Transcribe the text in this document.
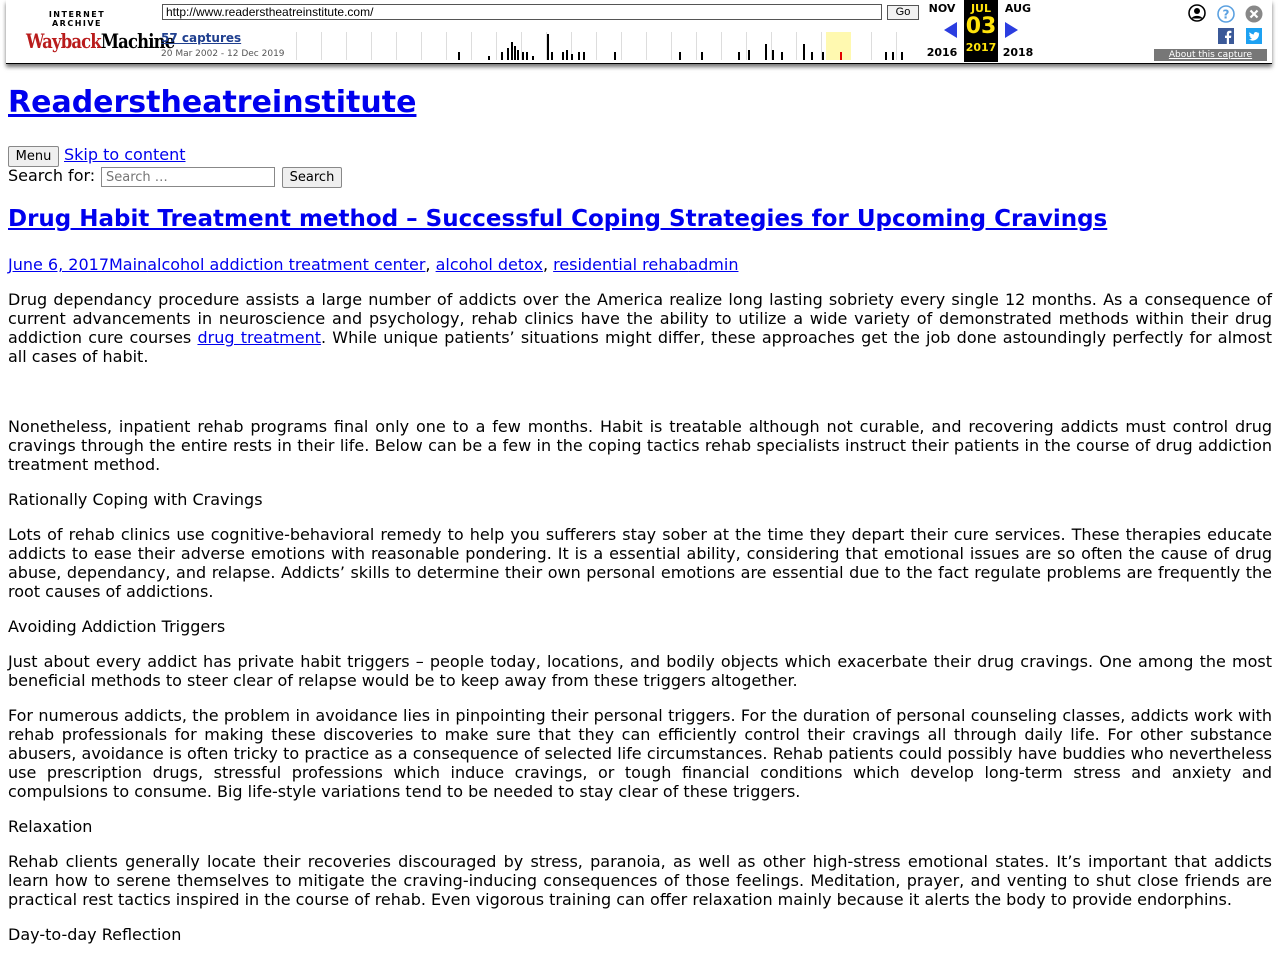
INTERNET ARCHIVE
WaybackMachine
http://www.readerstheatreinstitute.com/
Go
57 captures
20 Mar 2002 - 12 Dec 2019
NOV
2016
JUL
03
2017
AUG
2018
?
About this capture
Readerstheatreinstitute
Menu Skip to content
Search for:
Search …	Search
Drug Habit Treatment method – Successful Coping Strategies for Upcoming Cravings
June 6, 2017Mainalcohol addiction treatment center, alcohol detox, residential rehabadmin

Drug dependancy procedure assists a large number of addicts over the America realize long lasting sobriety every single 12 months. As a consequence of current advancements in neuroscience and psychology, rehab clinics have the ability to utilize a wide variety of demonstrated methods within their drug addiction cure courses drug treatment. While unique patients’ situations might differ, these approaches get the job done astoundingly perfectly for almost all cases of habit.

Nonetheless, inpatient rehab programs final only one to a few months. Habit is treatable although not curable, and recovering addicts must control drug cravings through the entire rests in their life. Below can be a few in the coping tactics rehab specialists instruct their patients in the course of drug addiction treatment method.

Rationally Coping with Cravings

Lots of rehab clinics use cognitive-behavioral remedy to help you sufferers stay sober at the time they depart their cure services. These therapies educate addicts to ease their adverse emotions with reasonable pondering. It is a essential ability, considering that emotional issues are so often the cause of drug abuse, dependancy, and relapse. Addicts’ skills to determine their own personal emotions are essential due to the fact regulate problems are frequently the root causes of addictions.

Avoiding Addiction Triggers

Just about every addict has private habit triggers – people today, locations, and bodily objects which exacerbate their drug cravings. One among the most beneficial methods to steer clear of relapse would be to keep away from these triggers altogether.

For numerous addicts, the problem in avoidance lies in pinpointing their personal triggers. For the duration of personal counseling classes, addicts work with rehab professionals for making these discoveries to make sure that they can efficiently control their cravings all through daily life. For other substance abusers, avoidance is often tricky to practice as a consequence of selected life circumstances. Rehab patients could possibly have buddies who nevertheless use prescription drugs, stressful professions which induce cravings, or tough financial conditions which develop long-term stress and anxiety and compulsions to consume. Big life-style variations tend to be needed to stay clear of these triggers.

Relaxation

Rehab clients generally locate their recoveries discouraged by stress, paranoia, as well as other high-stress emotional states. It’s important that addicts learn how to serene themselves to mitigate the craving-inducing consequences of those feelings. Meditation, prayer, and venting to shut close friends are practical rest tactics inspired in the course of rehab. Even vigorous training can offer relaxation mainly because it alerts the body to provide endorphins.

Day-to-day Reflection
